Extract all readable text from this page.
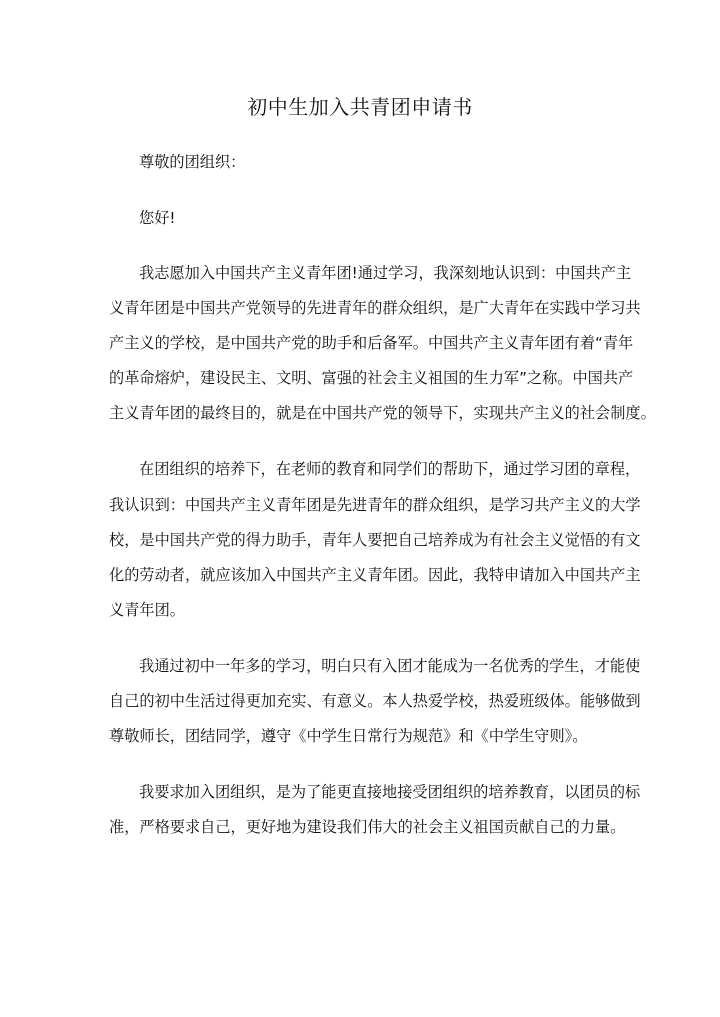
初中生加入共青团申请书
尊敬的团组织：
您好!
我志愿加入中国共产主义青年团!通过学习，我深刻地认识到：中国共产主
义青年团是中国共产党领导的先进青年的群众组织，是广大青年在实践中学习共
产主义的学校，是中国共产党的助手和后备军。中国共产主义青年团有着“青年
的革命熔炉，建设民主、文明、富强的社会主义祖国的生力军”之称。中国共产
主义青年团的最终目的，就是在中国共产党的领导下，实现共产主义的社会制度。
在团组织的培养下，在老师的教育和同学们的帮助下，通过学习团的章程，
我认识到：中国共产主义青年团是先进青年的群众组织，是学习共产主义的大学
校，是中国共产党的得力助手，青年人要把自己培养成为有社会主义觉悟的有文
化的劳动者，就应该加入中国共产主义青年团。因此，我特申请加入中国共产主
义青年团。
我通过初中一年多的学习，明白只有入团才能成为一名优秀的学生，才能使
自己的初中生活过得更加充实、有意义。本人热爱学校，热爱班级体。能够做到
尊敬师长，团结同学，遵守《中学生日常行为规范》和《中学生守则》。
我要求加入团组织，是为了能更直接地接受团组织的培养教育，以团员的标
准，严格要求自己，更好地为建设我们伟大的社会主义祖国贡献自己的力量。
